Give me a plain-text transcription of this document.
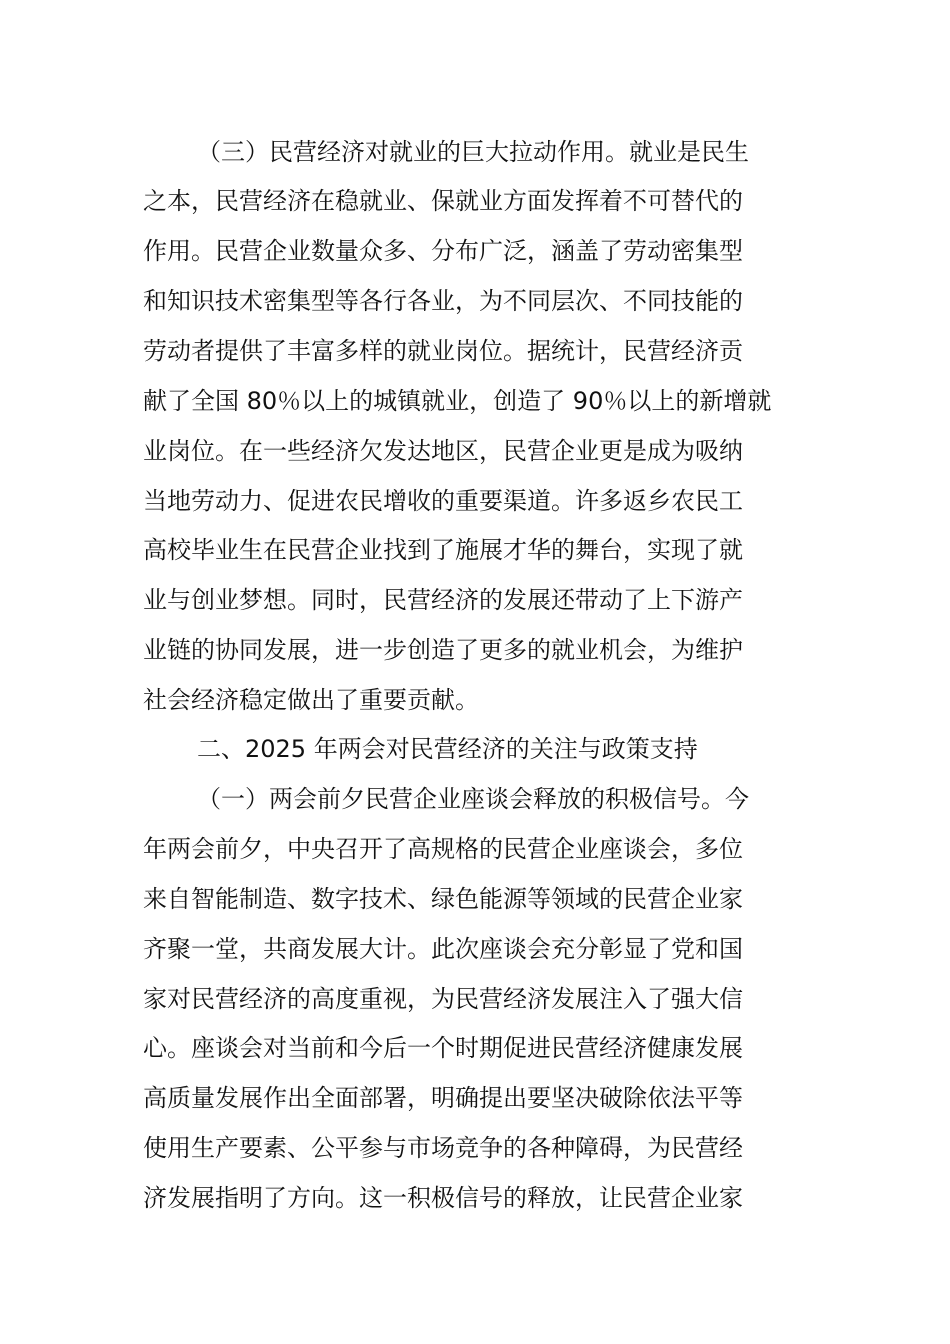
（三）民营经济对就业的巨大拉动作用。就业是民生
之本，民营经济在稳就业、保就业方面发挥着不可替代的
作用。民营企业数量众多、分布广泛，涵盖了劳动密集型
和知识技术密集型等各行各业，为不同层次、不同技能的
劳动者提供了丰富多样的就业岗位。据统计，民营经济贡
献了全国 80％以上的城镇就业，创造了 90％以上的新增就
业岗位。在一些经济欠发达地区，民营企业更是成为吸纳
当地劳动力、促进农民增收的重要渠道。许多返乡农民工
高校毕业生在民营企业找到了施展才华的舞台，实现了就
业与创业梦想。同时，民营经济的发展还带动了上下游产
业链的协同发展，进一步创造了更多的就业机会，为维护
社会经济稳定做出了重要贡献。
二、2025 年两会对民营经济的关注与政策支持
（一）两会前夕民营企业座谈会释放的积极信号。今
年两会前夕，中央召开了高规格的民营企业座谈会，多位
来自智能制造、数字技术、绿色能源等领域的民营企业家
齐聚一堂，共商发展大计。此次座谈会充分彰显了党和国
家对民营经济的高度重视，为民营经济发展注入了强大信
心。座谈会对当前和今后一个时期促进民营经济健康发展
高质量发展作出全面部署，明确提出要坚决破除依法平等
使用生产要素、公平参与市场竞争的各种障碍，为民营经
济发展指明了方向。这一积极信号的释放，让民营企业家
